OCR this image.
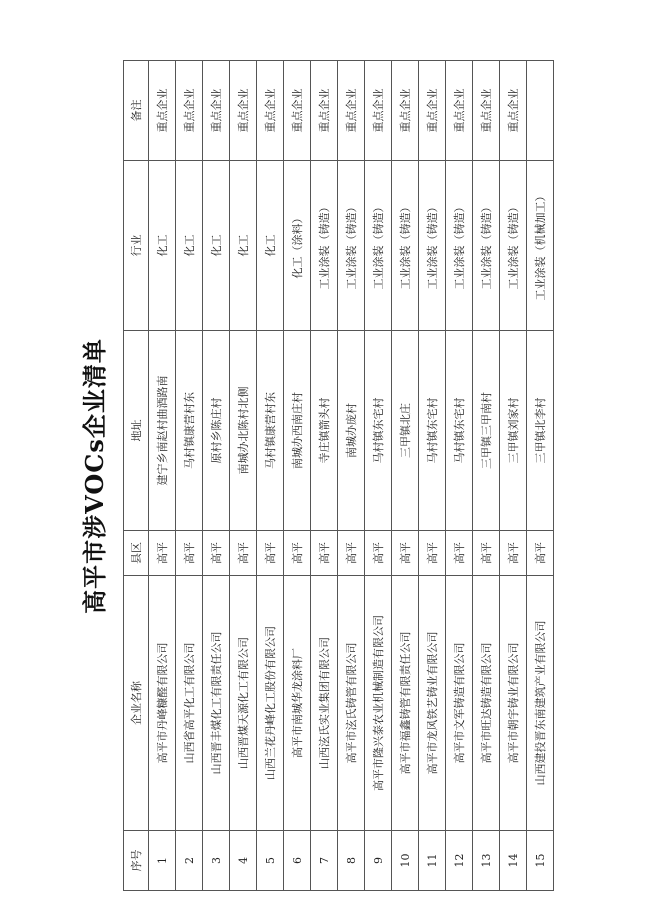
高平市涉VOCs企业清单
序号	企业名称	县区	地址	行业	备注
1	高平市丹峰糠醛有限公司	高平	建宁乡南赵村曲酒路南	化工	重点企业
2	山西省高平化工有限公司	高平	马村镇康营村东	化工	重点企业
3	山西晋丰煤化工有限责任公司	高平	原村乡陈庄村	化工	重点企业
4	山西晋煤天源化工有限公司	高平	南城办北陈村北侧	化工	重点企业
5	山西兰花丹峰化工股份有限公司	高平	马村镇康营村东	化工	重点企业
6	高平市南城华龙涂料厂	高平	南城办西南庄村	化工（涂料）	重点企业
7	山西泫氏实业集团有限公司	高平	寺庄镇箭头村	工业涂装（铸造）	重点企业
8	高平市泫氏铸管有限公司	高平	南城办庞村	工业涂装（铸造）	重点企业
9	高平市隆兴泰农业机械制造有限公司	高平	马村镇东宅村	工业涂装（铸造）	重点企业
10	高平市福鑫铸管有限责任公司	高平	三甲镇北庄	工业涂装（铸造）	重点企业
11	高平市龙风铁艺铸业有限公司	高平	马村镇东宅村	工业涂装（铸造）	重点企业
12	高平市文军铸造有限公司	高平	马村镇东宅村	工业涂装（铸造）	重点企业
13	高平市旺达铸造有限公司	高平	三甲镇三甲南村	工业涂装（铸造）	重点企业
14	高平市朝宇铸业有限公司	高平	三甲镇刘家村	工业涂装（铸造）	重点企业
15	山西建投晋东南建筑产业有限公司	高平	三甲镇北李村	工业涂装（机械加工）	
